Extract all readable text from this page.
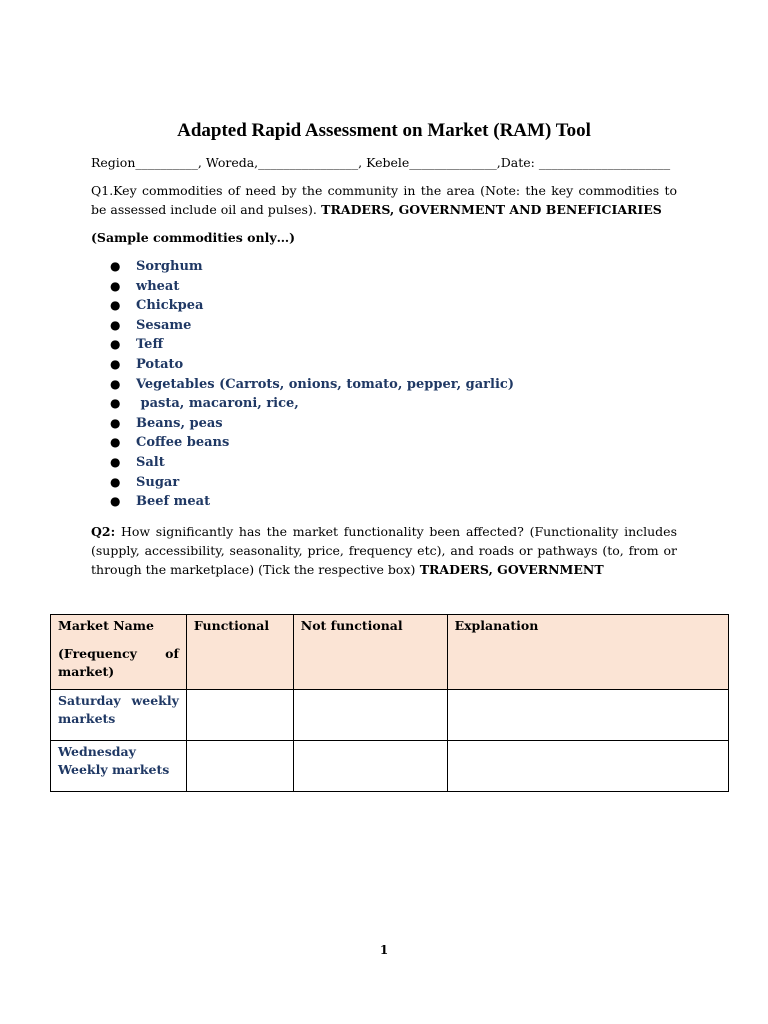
Adapted Rapid Assessment on Market (RAM) Tool
Region__________, Woreda,________________, Kebele______________,Date: _____________________
Q1.Key commodities of need by the community in the area (Note: the key commodities to be assessed include oil and pulses). TRADERS, GOVERNMENT AND BENEFICIARIES
(Sample commodities only…)
● Sorghum
● wheat
● Chickpea
● Sesame
● Teff
● Potato
● Vegetables (Carrots, onions, tomato, pepper, garlic)
● pasta, macaroni, rice,
● Beans, peas
● Coffee beans
● Salt
● Sugar
● Beef meat
Q2: How significantly has the market functionality been affected? (Functionality includes (supply, accessibility, seasonality, price, frequency etc), and roads or pathways (to, from or through the marketplace) (Tick the respective box) TRADERS, GOVERNMENT
Market Name
(Frequency of market)	Functional	Not functional	Explanation

Saturday weekly markets			

Wednesday Weekly markets			

1
